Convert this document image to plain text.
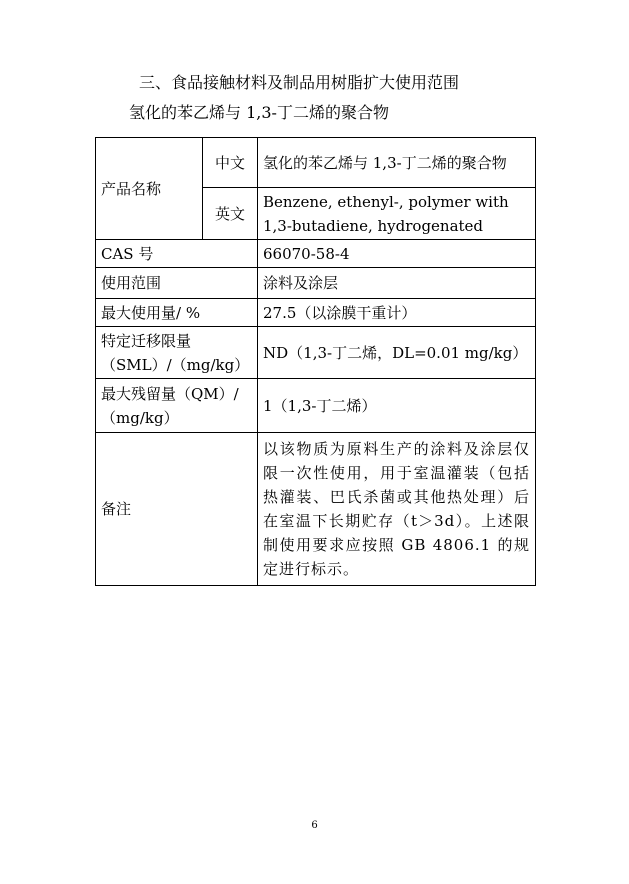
三、食品接触材料及制品用树脂扩大使用范围
氢化的苯乙烯与 1,3-丁二烯的聚合物
产品名称	中文	氢化的苯乙烯与 1,3-丁二烯的聚合物
	英文	Benzene, ethenyl-, polymer with 1,3-butadiene, hydrogenated
CAS 号		66070-58-4
使用范围		涂料及涂层
最大使用量/ %		27.5（以涂膜干重计）
特定迁移限量（SML）/（mg/kg）		ND（1,3-丁二烯，DL=0.01 mg/kg）
最大残留量（QM）/（mg/kg）		1（1,3-丁二烯）
备注		以该物质为原料生产的涂料及涂层仅限一次性使用，用于室温灌装（包括热灌装、巴氏杀菌或其他热处理）后在室温下长期贮存（t＞3d）。上述限制使用要求应按照 GB 4806.1 的规定进行标示。
6
